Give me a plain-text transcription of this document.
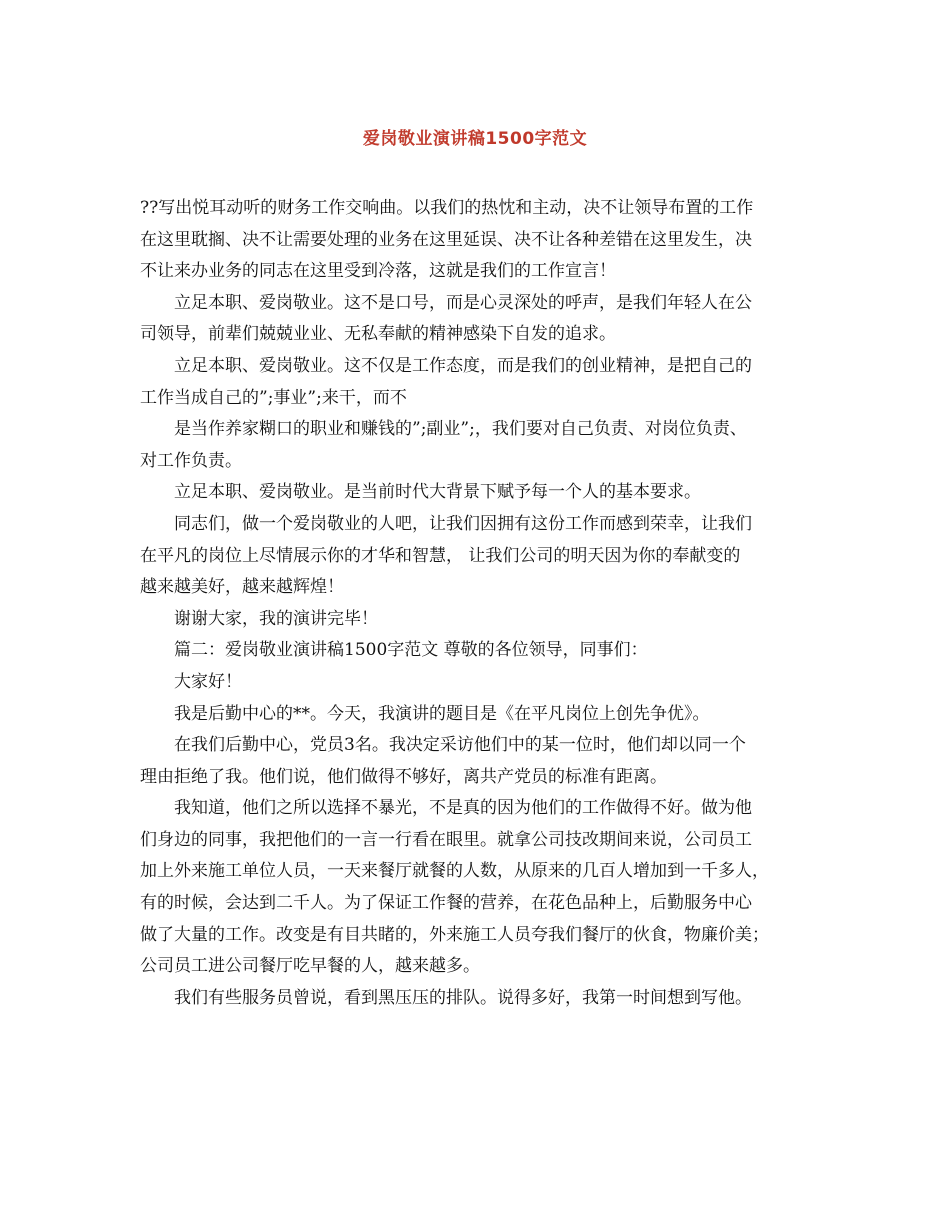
爱岗敬业演讲稿1500字范文
??写出悦耳动听的财务工作交响曲。以我们的热忱和主动，决不让领导布置的工作
在这里耽搁、决不让需要处理的业务在这里延误、决不让各种差错在这里发生，决
不让来办业务的同志在这里受到冷落，这就是我们的工作宣言！
立足本职、爱岗敬业。这不是口号，而是心灵深处的呼声，是我们年轻人在公
司领导，前辈们兢兢业业、无私奉献的精神感染下自发的追求。
立足本职、爱岗敬业。这不仅是工作态度，而是我们的创业精神，是把自己的
工作当成自己的”;事业”;来干，而不
是当作养家糊口的职业和赚钱的”;副业”;，我们要对自己负责、对岗位负责、
对工作负责。
立足本职、爱岗敬业。是当前时代大背景下赋予每一个人的基本要求。
同志们，做一个爱岗敬业的人吧，让我们因拥有这份工作而感到荣幸，让我们
在平凡的岗位上尽情展示你的才华和智慧， 让我们公司的明天因为你的奉献变的
越来越美好，越来越辉煌！
谢谢大家，我的演讲完毕！
篇二：爱岗敬业演讲稿1500字范文 尊敬的各位领导，同事们：
大家好！
我是后勤中心的**。今天，我演讲的题目是《在平凡岗位上创先争优》。
在我们后勤中心，党员3名。我决定采访他们中的某一位时，他们却以同一个
理由拒绝了我。他们说，他们做得不够好，离共产党员的标准有距离。
我知道，他们之所以选择不暴光，不是真的因为他们的工作做得不好。做为他
们身边的同事，我把他们的一言一行看在眼里。就拿公司技改期间来说，公司员工
加上外来施工单位人员，一天来餐厅就餐的人数，从原来的几百人增加到一千多人，
有的时候，会达到二千人。为了保证工作餐的营养，在花色品种上，后勤服务中心
做了大量的工作。改变是有目共睹的，外来施工人员夸我们餐厅的伙食，物廉价美；
公司员工进公司餐厅吃早餐的人，越来越多。
我们有些服务员曾说，看到黑压压的排队。说得多好，我第一时间想到写他。
